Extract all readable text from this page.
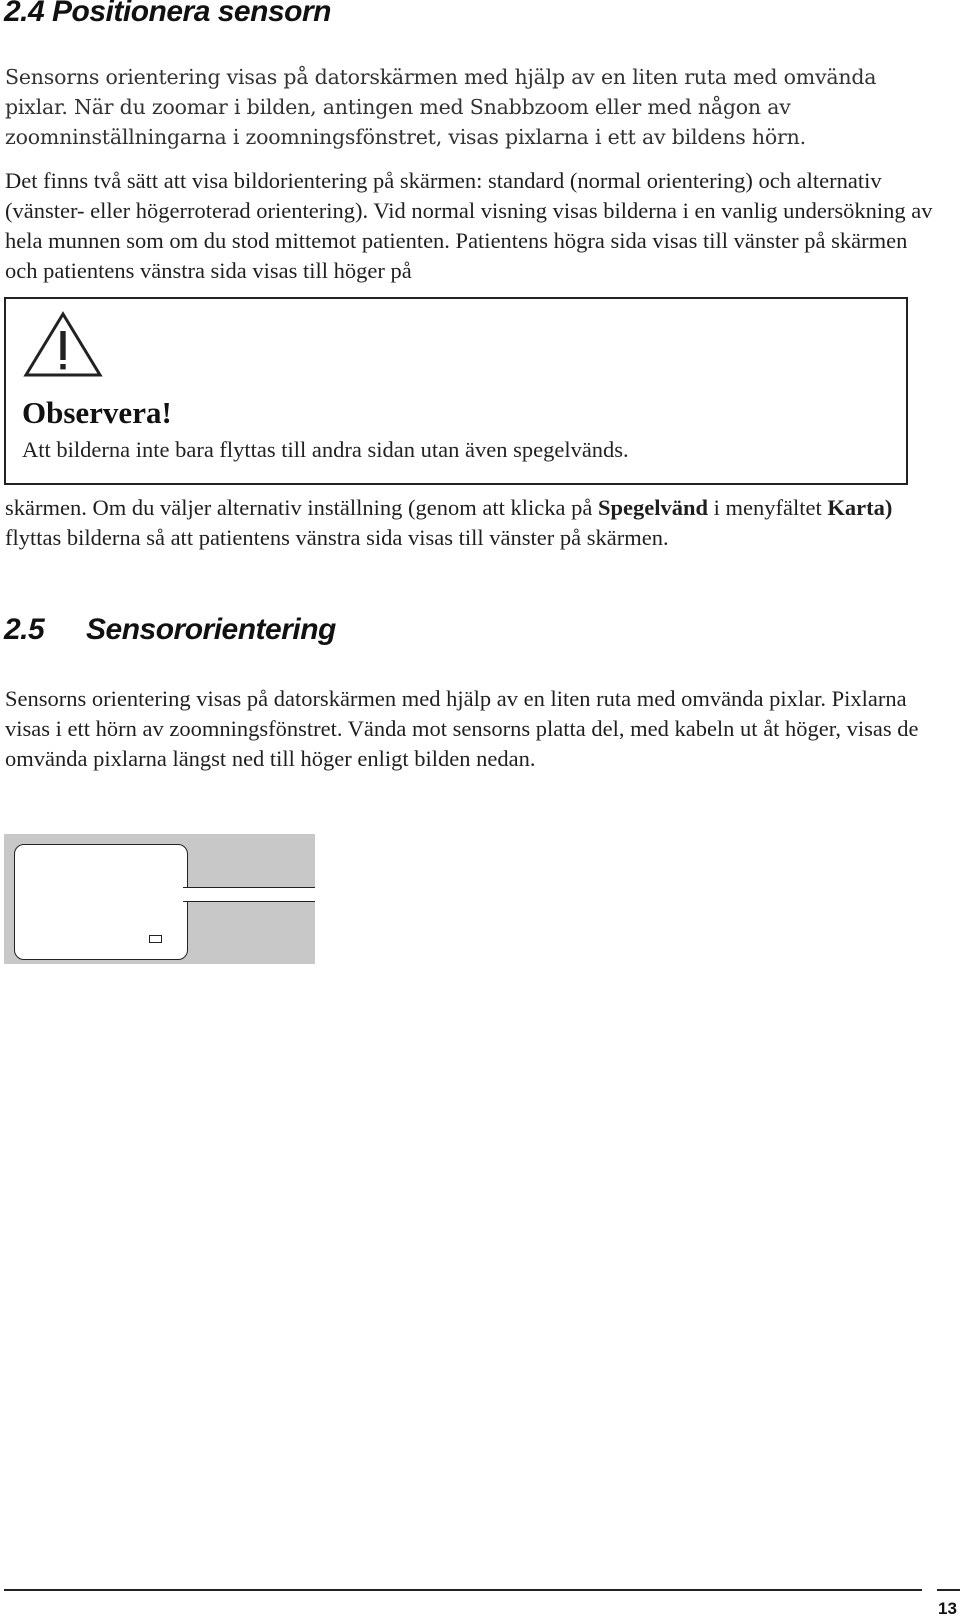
2.4 Positionera sensorn

Sensorns orientering visas på datorskärmen med hjälp av en liten ruta med omvända pixlar. När du zoomar i bilden, antingen med Snabbzoom eller med någon av zoomninställningarna i zoomningsfönstret, visas pixlarna i ett av bildens hörn.

Det finns två sätt att visa bildorientering på skärmen: standard (normal orientering) och alternativ (vänster- eller högerroterad orientering). Vid normal visning visas bilderna i en vanlig undersökning av hela munnen som om du stod mittemot patienten. Patientens högra sida visas till vänster på skärmen och patientens vänstra sida visas till höger på

Observera!

Att bilderna inte bara flyttas till andra sidan utan även spegelvänds.

skärmen. Om du väljer alternativ inställning (genom att klicka på Spegelvänd i menyfältet Karta) flyttas bilderna så att patientens vänstra sida visas till vänster på skärmen.

2.5 Sensororientering

Sensorns orientering visas på datorskärmen med hjälp av en liten ruta med omvända pixlar. Pixlarna visas i ett hörn av zoomningsfönstret. Vända mot sensorns platta del, med kabeln ut åt höger, visas de omvända pixlarna längst ned till höger enligt bilden nedan.

13
